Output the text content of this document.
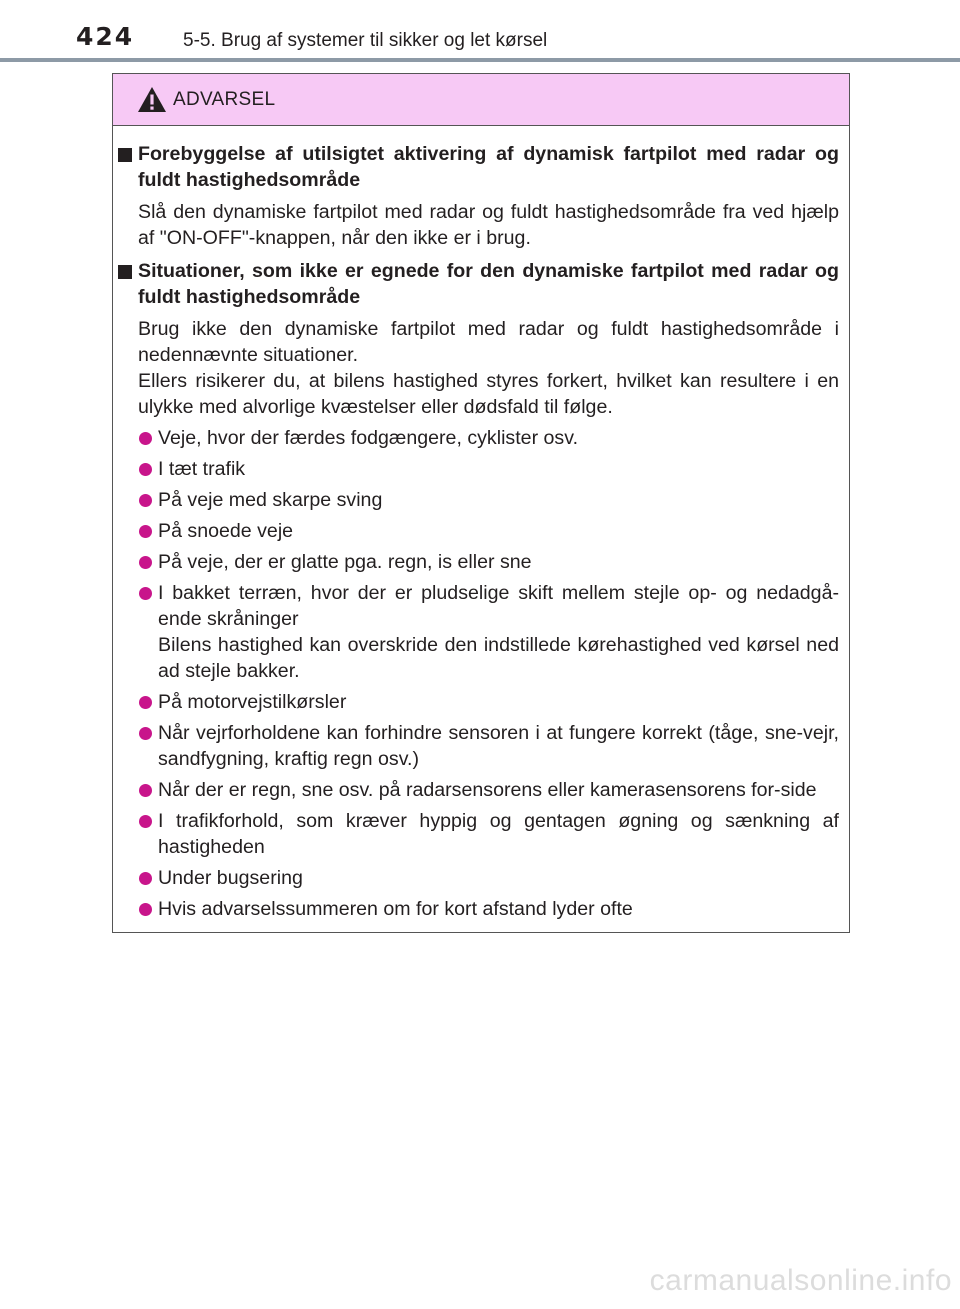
424	5-5. Brug af systemer til sikker og let kørsel
ADVARSEL
Forebyggelse af utilsigtet aktivering af dynamisk fartpilot med radar og fuldt hastighedsområde
Slå den dynamiske fartpilot med radar og fuldt hastighedsområde fra ved hjælp af "ON-OFF"-knappen, når den ikke er i brug.
Situationer, som ikke er egnede for den dynamiske fartpilot med radar og fuldt hastighedsområde
Brug ikke den dynamiske fartpilot med radar og fuldt hastighedsområde i nedennævnte situationer.
Ellers risikerer du, at bilens hastighed styres forkert, hvilket kan resultere i en ulykke med alvorlige kvæstelser eller dødsfald til følge.

Veje, hvor der færdes fodgængere, cyklister osv.

I tæt trafik

På veje med skarpe sving

På snoede veje

På veje, der er glatte pga. regn, is eller sne

I bakket terræn, hvor der er pludselige skift mellem stejle op- og nedadgå-ende skråninger

Bilens hastighed kan overskride den indstillede kørehastighed ved kørsel ned ad stejle bakker.

På motorvejstilkørsler

Når vejrforholdene kan forhindre sensoren i at fungere korrekt (tåge, sne-vejr, sandfygning, kraftig regn osv.)

Når der er regn, sne osv. på radarsensorens eller kamerasensorens for-side

I trafikforhold, som kræver hyppig og gentagen øgning og sænkning af hastigheden

Under bugsering

Hvis advarselssummeren om for kort afstand lyder ofte

carmanualsonline.info
